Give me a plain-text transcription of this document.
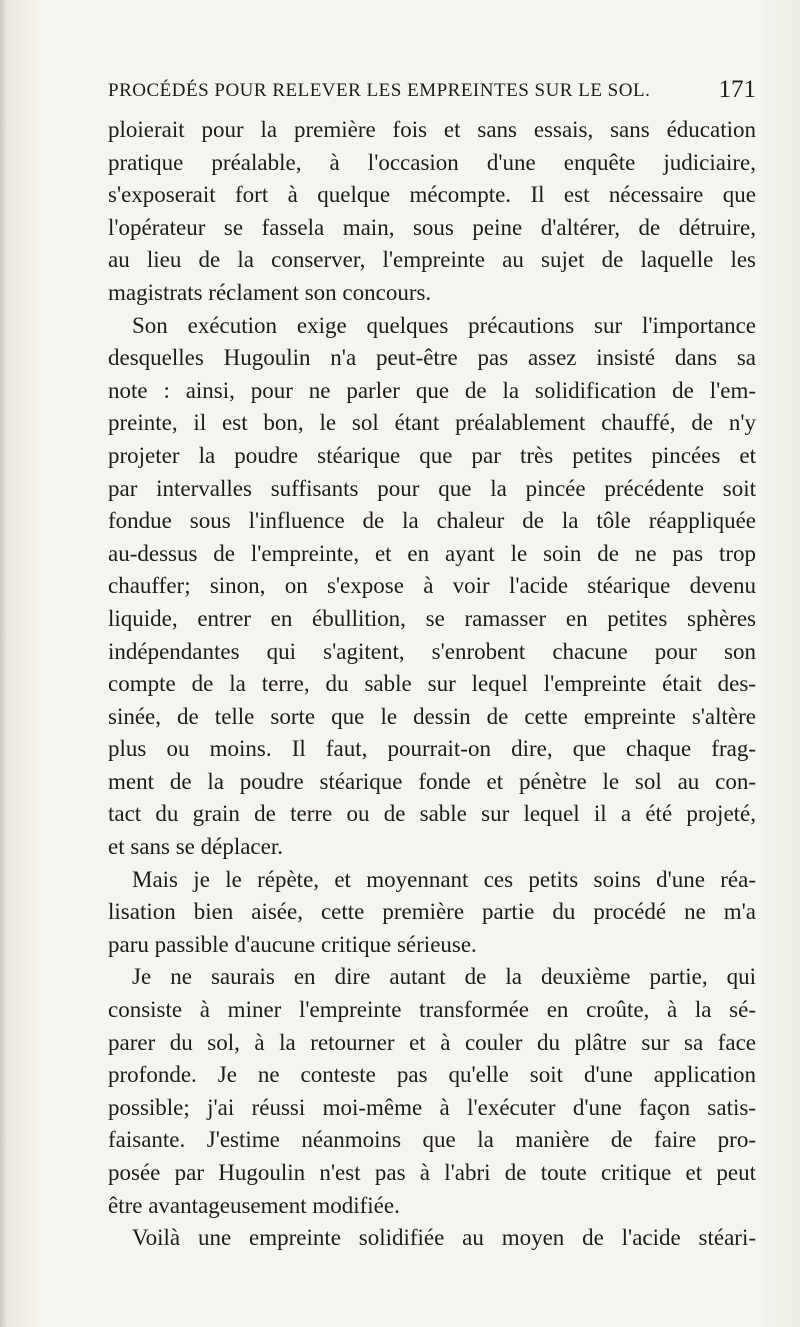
PROCÉDÉS POUR RELEVER LES EMPREINTES SUR LE SOL.	171

ploierait pour la première fois et sans essais, sans éducation
pratique préalable, à l'occasion d'une enquête judiciaire,
s'exposerait fort à quelque mécompte. Il est nécessaire que
l'opérateur se fassela main, sous peine d'altérer, de détruire,
au lieu de la conserver, l'empreinte au sujet de laquelle les
magistrats réclament son concours.

Son exécution exige quelques précautions sur l'importance
desquelles Hugoulin n'a peut-être pas assez insisté dans sa
note : ainsi, pour ne parler que de la solidification de l'em-
preinte, il est bon, le sol étant préalablement chauffé, de n'y
projeter la poudre stéarique que par très petites pincées et
par intervalles suffisants pour que la pincée précédente soit
fondue sous l'influence de la chaleur de la tôle réappliquée
au-dessus de l'empreinte, et en ayant le soin de ne pas trop
chauffer; sinon, on s'expose à voir l'acide stéarique devenu
liquide, entrer en ébullition, se ramasser en petites sphères
indépendantes qui s'agitent, s'enrobent chacune pour son
compte de la terre, du sable sur lequel l'empreinte était des-
sinée, de telle sorte que le dessin de cette empreinte s'altère
plus ou moins. Il faut, pourrait-on dire, que chaque frag-
ment de la poudre stéarique fonde et pénètre le sol au con-
tact du grain de terre ou de sable sur lequel il a été projeté,
et sans se déplacer.

Mais je le répète, et moyennant ces petits soins d'une réa-
lisation bien aisée, cette première partie du procédé ne m'a
paru passible d'aucune critique sérieuse.

Je ne saurais en dire autant de la deuxième partie, qui
consiste à miner l'empreinte transformée en croûte, à la sé-
parer du sol, à la retourner et à couler du plâtre sur sa face
profonde. Je ne conteste pas qu'elle soit d'une application
possible; j'ai réussi moi-même à l'exécuter d'une façon satis-
faisante. J'estime néanmoins que la manière de faire pro-
posée par Hugoulin n'est pas à l'abri de toute critique et peut
être avantageusement modifiée.

Voilà une empreinte solidifiée au moyen de l'acide stéari-
